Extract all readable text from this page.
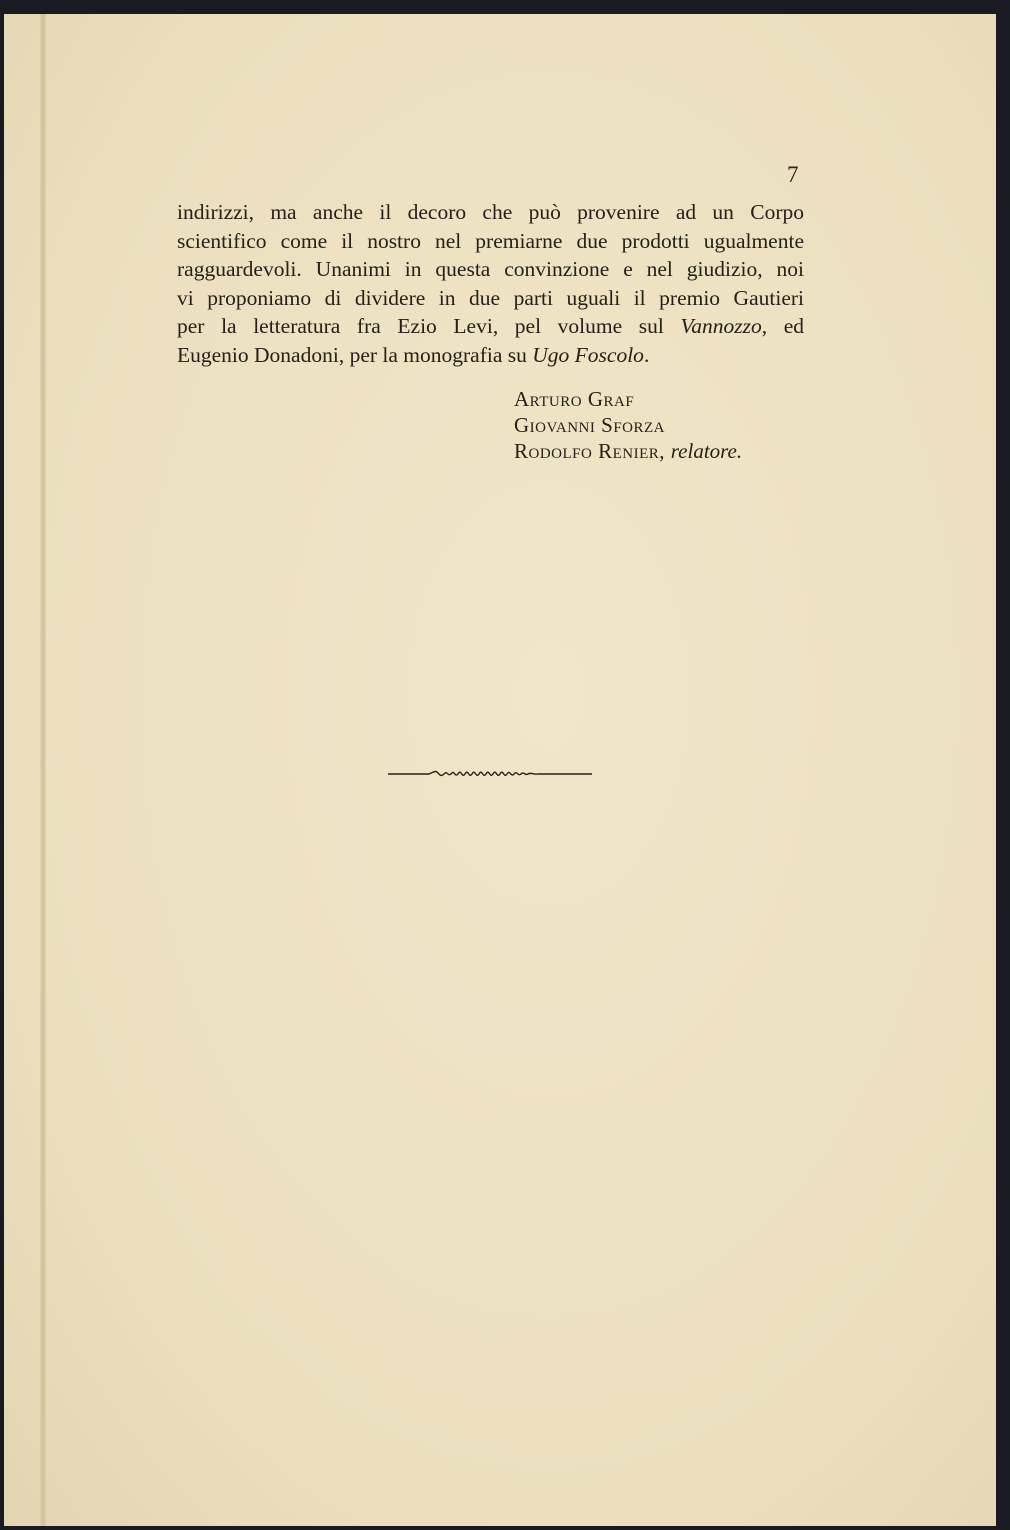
7
indirizzi, ma anche il decoro che può provenire ad un Corpo
scientifico come il nostro nel premiarne due prodotti ugualmente
ragguardevoli. Unanimi in questa convinzione e nel giudizio, noi
vi proponiamo di dividere in due parti uguali il premio Gautieri
per la letteratura fra Ezio Levi, pel volume sul Vannozzo, ed
Eugenio Donadoni, per la monografia su Ugo Foscolo.
Arturo Graf
Giovanni Sforza
Rodolfo Renier, relatore.
